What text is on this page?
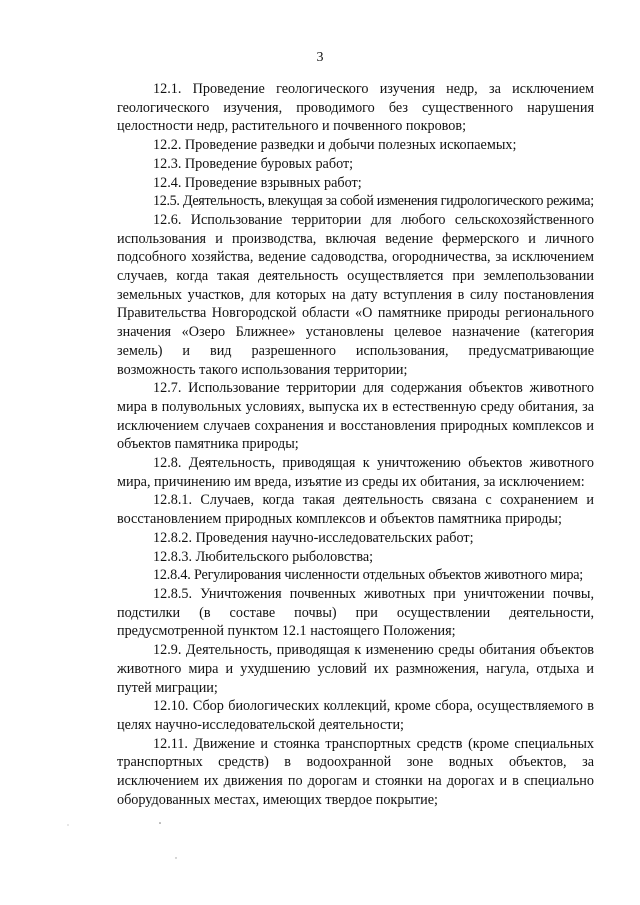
3

12.1. Проведение геологического изучения недр, за исключением геологического изучения, проводимого без существенного нарушения целостности недр, растительного и почвенного покровов;

12.2. Проведение разведки и добычи полезных ископаемых;

12.3. Проведение буровых работ;

12.4. Проведение взрывных работ;

12.5. Деятельность, влекущая за собой изменения гидрологического режима;

12.6. Использование территории для любого сельскохозяйственного использования и производства, включая ведение фермерского и личного подсобного хозяйства, ведение садоводства, огородничества, за исключением случаев, когда такая деятельность осуществляется при землепользовании земельных участков, для которых на дату вступления в силу постановления Правительства Новгородской области «О памятнике природы регионального значения «Озеро Ближнее» установлены целевое назначение (категория земель) и вид разрешенного использования, предусматривающие возможность такого использования территории;

12.7. Использование территории для содержания объектов животного мира в полувольных условиях, выпуска их в естественную среду обитания, за исключением случаев сохранения и восстановления природных комплексов и объектов памятника природы;

12.8. Деятельность, приводящая к уничтожению объектов животного мира, причинению им вреда, изъятие из среды их обитания, за исключением:

12.8.1. Случаев, когда такая деятельность связана с сохранением и восстановлением природных комплексов и объектов памятника природы;

12.8.2. Проведения научно-исследовательских работ;

12.8.3. Любительского рыболовства;

12.8.4. Регулирования численности отдельных объектов животного мира;

12.8.5. Уничтожения почвенных животных при уничтожении почвы, подстилки (в составе почвы) при осуществлении деятельности, предусмотренной пунктом 12.1 настоящего Положения;

12.9. Деятельность, приводящая к изменению среды обитания объектов животного мира и ухудшению условий их размножения, нагула, отдыха и путей миграции;

12.10. Сбор биологических коллекций, кроме сбора, осуществляемого в целях научно-исследовательской деятельности;

12.11. Движение и стоянка транспортных средств (кроме специальных транспортных средств) в водоохранной зоне водных объектов, за исключением их движения по дорогам и стоянки на дорогах и в специально оборудованных местах, имеющих твердое покрытие;
